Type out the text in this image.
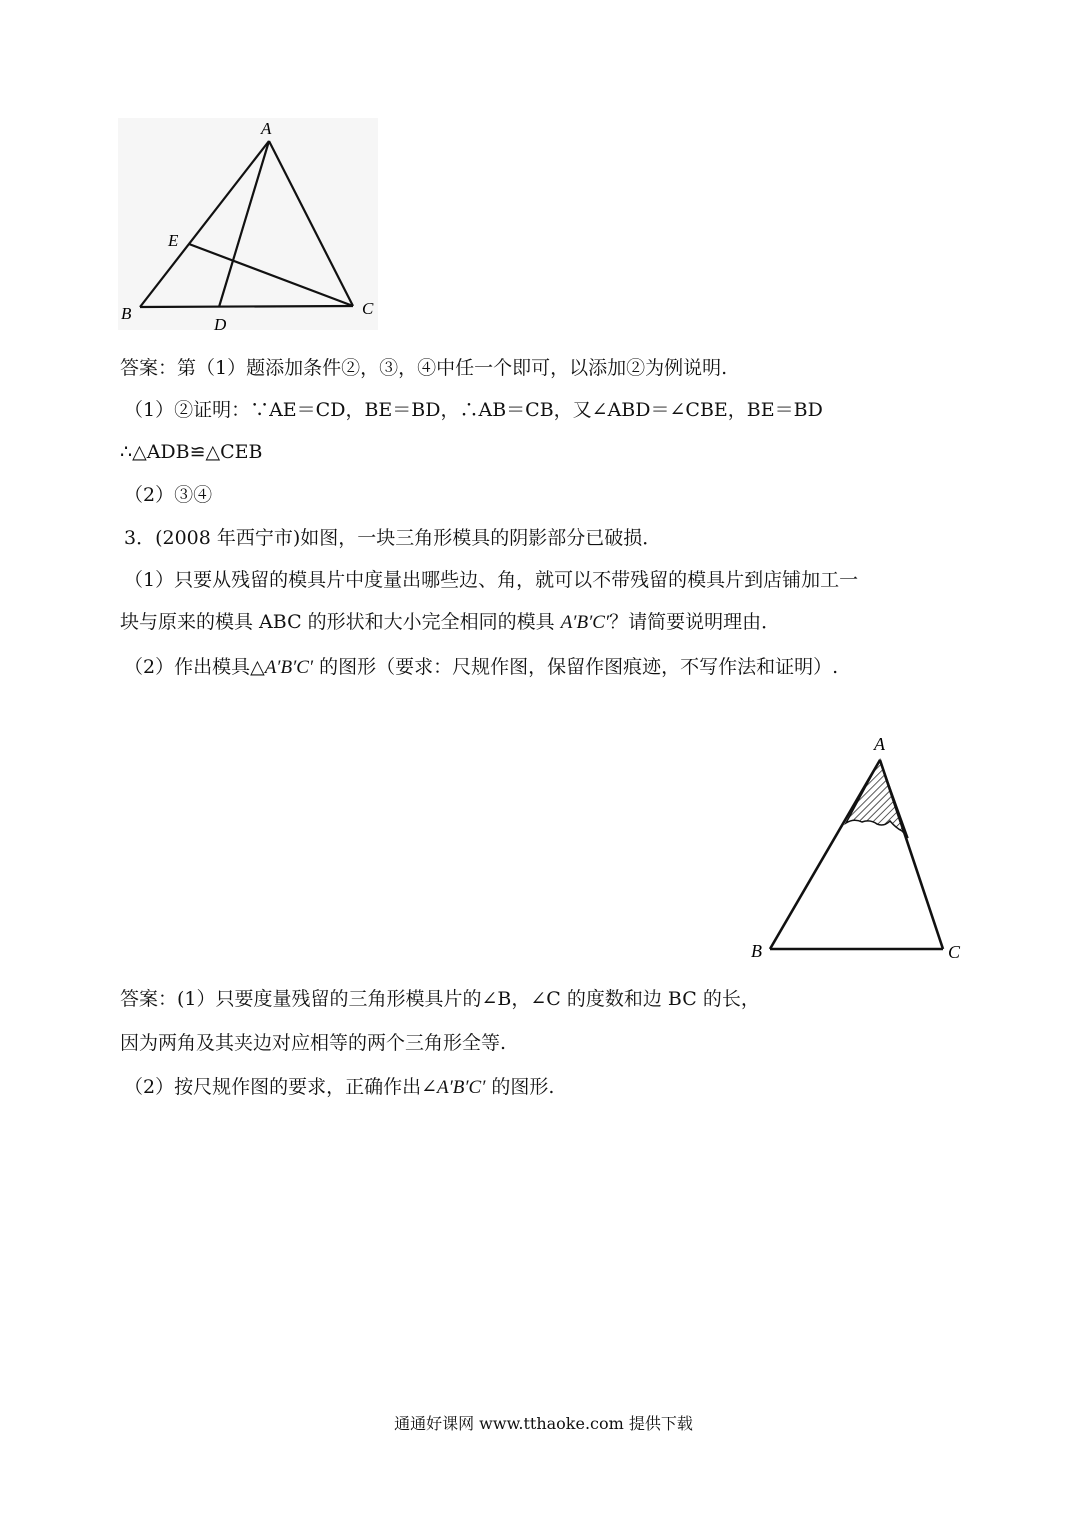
A
E
B
D
C
答案：第（1）题添加条件②，③，④中任一个即可，以添加②为例说明.
（1）②证明：∵AE＝CD，BE＝BD，∴AB＝CB，又∠ABD＝∠CBE，BE＝BD
∴△ADB≌△CEB
（2）③④
3．(2008 年西宁市)如图，一块三角形模具的阴影部分已破损．
（1）只要从残留的模具片中度量出哪些边、角，就可以不带残留的模具片到店铺加工一
块与原来的模具 ABC 的形状和大小完全相同的模具 A′B′C′？请简要说明理由．
（2）作出模具△A′B′C′ 的图形（要求：尺规作图，保留作图痕迹，不写作法和证明）.
A
B	C
答案：(1）只要度量残留的三角形模具片的∠B，∠C 的度数和边 BC 的长，
因为两角及其夹边对应相等的两个三角形全等.
（2）按尺规作图的要求，正确作出∠A′B′C′ 的图形.
通通好课网 www.tthaoke.com 提供下载
